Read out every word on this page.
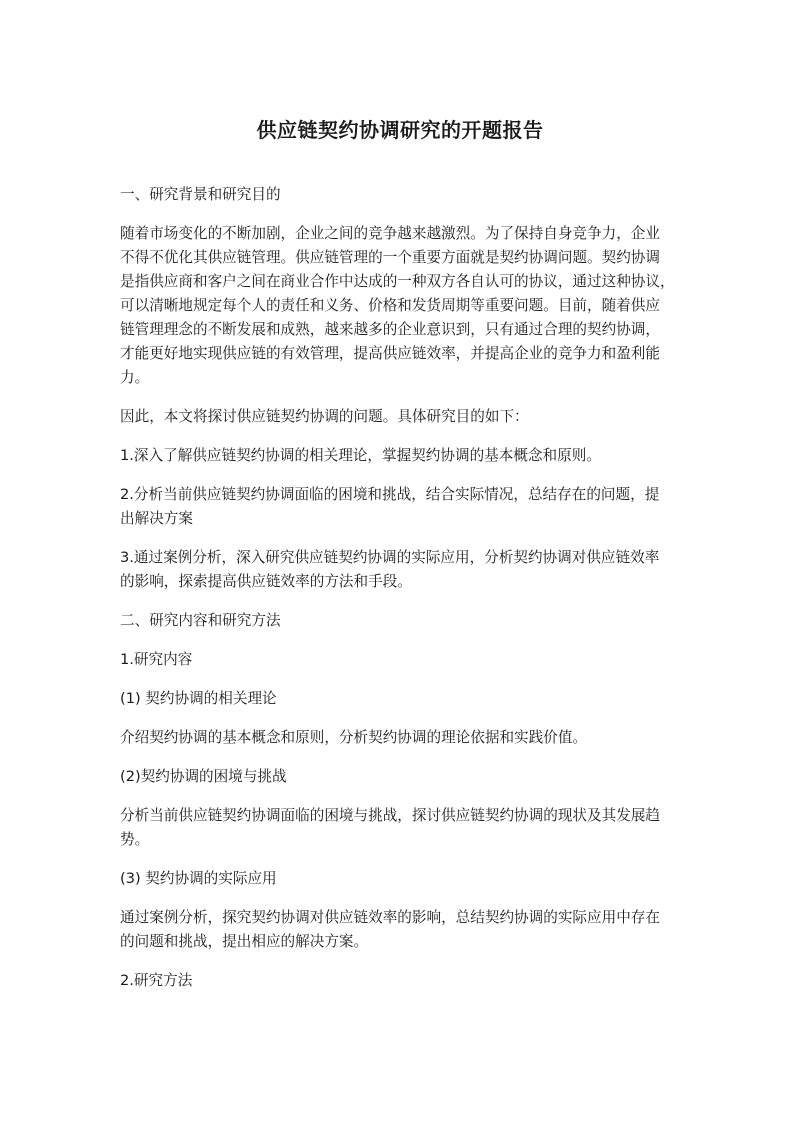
供应链契约协调研究的开题报告

一、研究背景和研究目的

随着市场变化的不断加剧，企业之间的竞争越来越激烈。为了保持自身竞争力，企业
不得不优化其供应链管理。供应链管理的一个重要方面就是契约协调问题。契约协调
是指供应商和客户之间在商业合作中达成的一种双方各自认可的协议，通过这种协议，
可以清晰地规定每个人的责任和义务、价格和发货周期等重要问题。目前，随着供应
链管理理念的不断发展和成熟，越来越多的企业意识到，只有通过合理的契约协调，
才能更好地实现供应链的有效管理，提高供应链效率，并提高企业的竞争力和盈利能
力。

因此，本文将探讨供应链契约协调的问题。具体研究目的如下：

1.深入了解供应链契约协调的相关理论，掌握契约协调的基本概念和原则。

2.分析当前供应链契约协调面临的困境和挑战，结合实际情况，总结存在的问题，提
出解决方案

3.通过案例分析，深入研究供应链契约协调的实际应用，分析契约协调对供应链效率
的影响，探索提高供应链效率的方法和手段。

二、研究内容和研究方法

1.研究内容

(1) 契约协调的相关理论

介绍契约协调的基本概念和原则，分析契约协调的理论依据和实践价值。

(2)契约协调的困境与挑战

分析当前供应链契约协调面临的困境与挑战，探讨供应链契约协调的现状及其发展趋
势。

(3) 契约协调的实际应用

通过案例分析，探究契约协调对供应链效率的影响，总结契约协调的实际应用中存在
的问题和挑战，提出相应的解决方案。

2.研究方法
